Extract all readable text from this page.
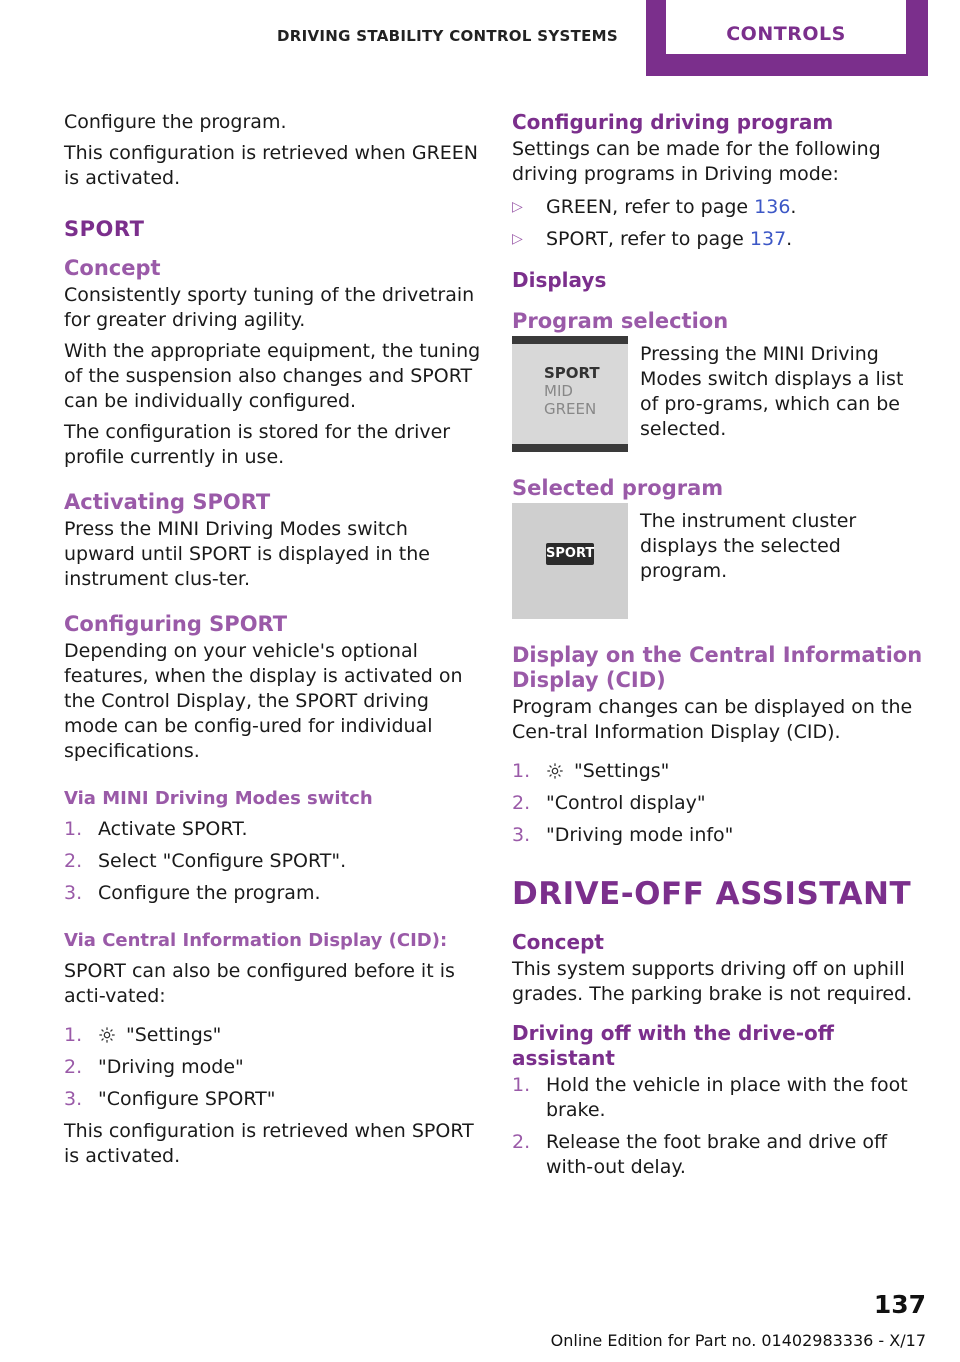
DRIVING STABILITY CONTROL SYSTEMS	CONTROLS

Configure the program.

This configuration is retrieved when GREEN is activated.

SPORT
Concept

Consistently sporty tuning of the drivetrain for greater driving agility.

With the appropriate equipment, the tuning of the suspension also changes and SPORT can be individually configured.

The configuration is stored for the driver profile currently in use.

Activating SPORT

Press the MINI Driving Modes switch upward until SPORT is displayed in the instrument clus-ter.

Configuring SPORT

Depending on your vehicle's optional features, when the display is activated on the Control Display, the SPORT driving mode can be config-ured for individual specifications.

Via MINI Driving Modes switch
1. Activate SPORT.
2. Select "Configure SPORT".
3. Configure the program.
Via Central Information Display (CID):

SPORT can also be configured before it is acti-vated:

1. "Settings"
2. "Driving mode"
3. "Configure SPORT"

This configuration is retrieved when SPORT is activated.

Configuring driving program

Settings can be made for the following driving programs in Driving mode:

▷ GREEN, refer to page 136.
▷ SPORT, refer to page 137.
Displays
Program selection
SPORT
MID
GREEN
Pressing the MINI Driving Modes switch displays a list of pro-grams, which can be selected.
Selected program
SPORT
The instrument cluster displays the selected program.
Display on the Central Information Display (CID)

Program changes can be displayed on the Cen-tral Information Display (CID).

1. "Settings"
2. "Control display"
3. "Driving mode info"
DRIVE-OFF ASSISTANT
Concept

This system supports driving off on uphill grades. The parking brake is not required.

Driving off with the drive-off assistant
1. Hold the vehicle in place with the foot brake.
2. Release the foot brake and drive off with-out delay.
137
Online Edition for Part no. 01402983336 - X/17
